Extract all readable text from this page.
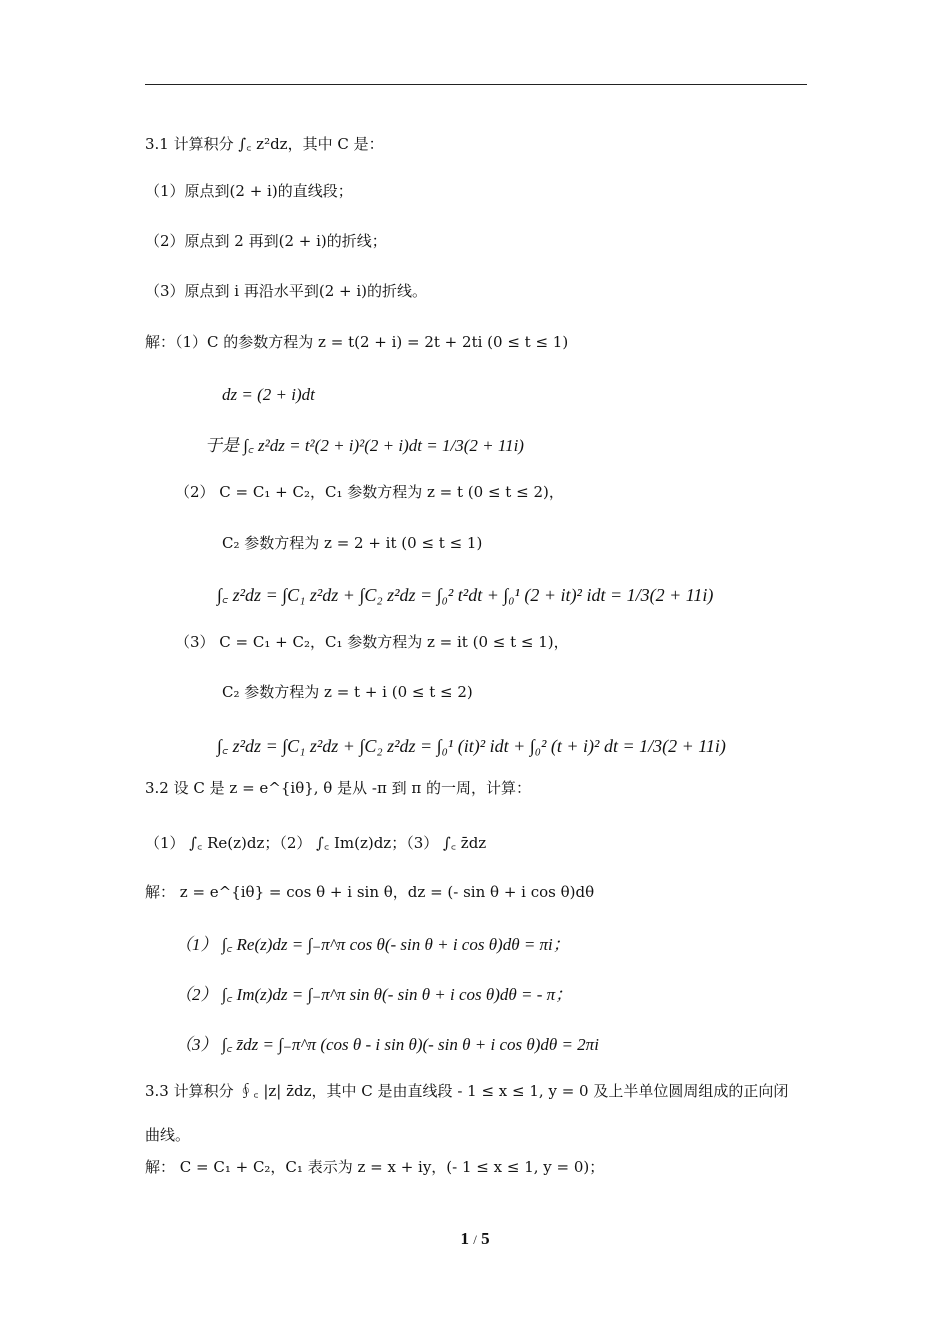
3.1 计算积分 ∫꜀ z²dz，其中 C 是：
（1）原点到(2 + i)的直线段；
（2）原点到 2 再到(2 + i)的折线；
（3）原点到 i 再沿水平到(2 + i)的折线。
解：（1）C 的参数方程为 z = t(2 + i) = 2t + 2ti (0 ≤ t ≤ 1)
dz = (2 + i)dt
于是 ∫꜀ z²dz = t²(2 + i)²(2 + i)dt = 1/3(2 + 11i)
（2） C = C₁ + C₂，C₁ 参数方程为 z = t (0 ≤ t ≤ 2)，
C₂ 参数方程为 z = 2 + it (0 ≤ t ≤ 1)
∫꜀ z²dz = ∫C₁ z²dz + ∫C₂ z²dz = ∫₀² t²dt + ∫₀¹ (2 + it)² idt = 1/3(2 + 11i)
（3） C = C₁ + C₂，C₁ 参数方程为 z = it (0 ≤ t ≤ 1)，
C₂ 参数方程为 z = t + i (0 ≤ t ≤ 2)
∫꜀ z²dz = ∫C₁ z²dz + ∫C₂ z²dz = ∫₀¹ (it)² idt + ∫₀² (t + i)² dt = 1/3(2 + 11i)
3.2 设 C 是 z = e^{iθ}, θ 是从 -π 到 π 的一周，计算：
（1） ∫꜀ Re(z)dz；（2） ∫꜀ Im(z)dz；（3） ∫꜀ z̄dz
解： z = e^{iθ} = cos θ + i sin θ，dz = (- sin θ + i cos θ)dθ
（1） ∫꜀ Re(z)dz = ∫₋π^π cos θ(- sin θ + i cos θ)dθ = πi；
（2） ∫꜀ Im(z)dz = ∫₋π^π sin θ(- sin θ + i cos θ)dθ = - π；
（3） ∫꜀ z̄dz = ∫₋π^π (cos θ - i sin θ)(- sin θ + i cos θ)dθ = 2πi
3.3 计算积分 ∮꜀ |z| z̄dz，其中 C 是由直线段 - 1 ≤ x ≤ 1, y = 0 及上半单位圆周组成的正向闭
曲线。
解： C = C₁ + C₂，C₁ 表示为 z = x + iy，(- 1 ≤ x ≤ 1, y = 0)；
1 / 5
